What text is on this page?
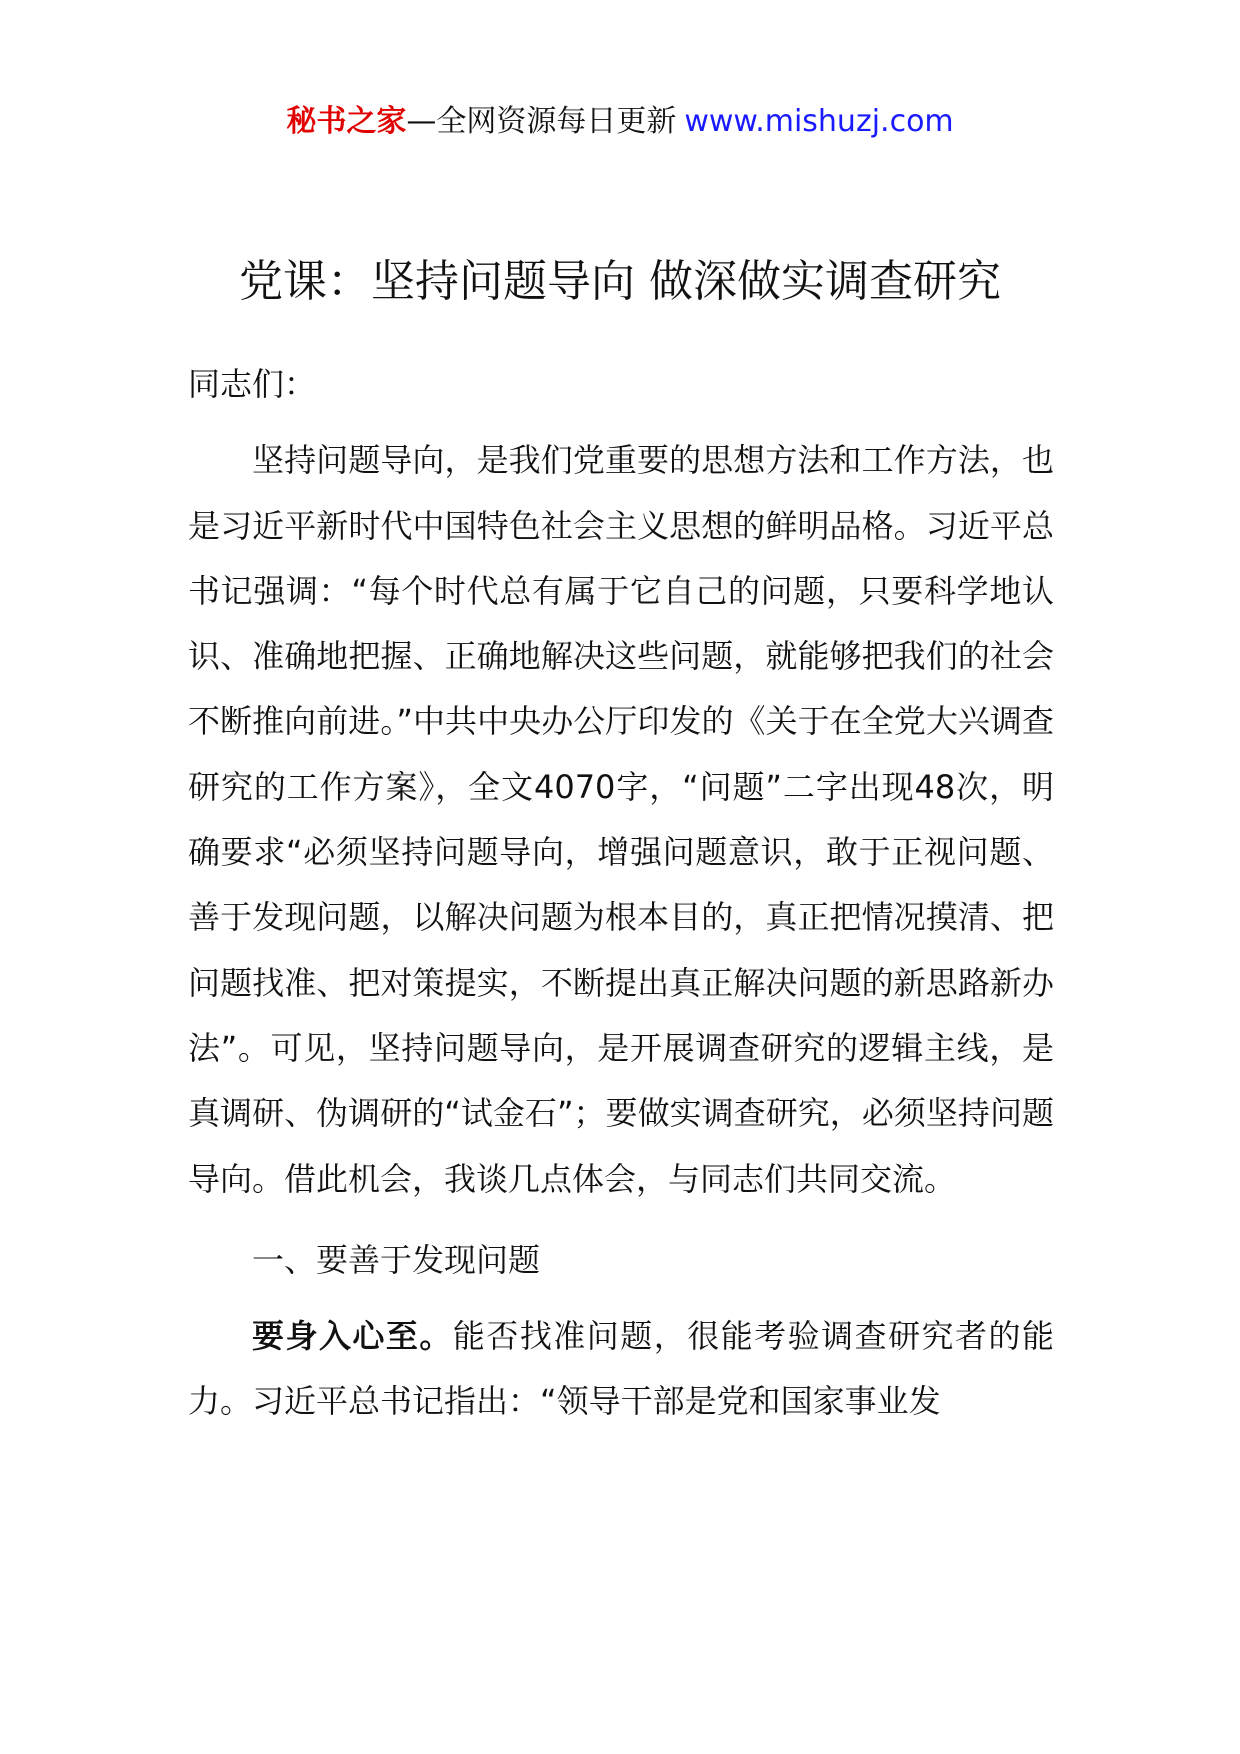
秘书之家—全网资源每日更新 www.mishuzj.com
党课：坚持问题导向 做深做实调查研究

同志们：

坚持问题导向，是我们党重要的思想方法和工作方法，也是习近平新时代中国特色社会主义思想的鲜明品格。习近平总书记强调：“每个时代总有属于它自己的问题，只要科学地认识、准确地把握、正确地解决这些问题，就能够把我们的社会不断推向前进。”中共中央办公厅印发的《关于在全党大兴调查研究的工作方案》，全文4070字，“问题”二字出现48次，明确要求“必须坚持问题导向，增强问题意识，敢于正视问题、善于发现问题，以解决问题为根本目的，真正把情况摸清、把问题找准、把对策提实，不断提出真正解决问题的新思路新办法”。可见，坚持问题导向，是开展调查研究的逻辑主线，是真调研、伪调研的“试金石”；要做实调查研究，必须坚持问题导向。借此机会，我谈几点体会，与同志们共同交流。

一、要善于发现问题

要身入心至。能否找准问题，很能考验调查研究者的能力。习近平总书记指出：“领导干部是党和国家事业发
